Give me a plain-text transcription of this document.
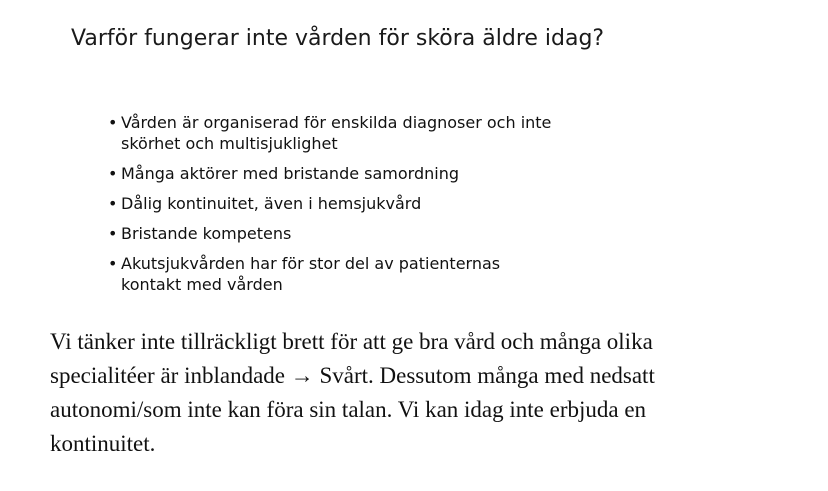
Varför fungerar inte vården för sköra äldre idag?
• Vården är organiserad för enskilda diagnoser och inte
skörhet och multisjuklighet
• Många aktörer med bristande samordning
• Dålig kontinuitet, även i hemsjukvård
• Bristande kompetens
• Akutsjukvården har för stor del av patienternas
kontakt med vården

Vi tänker inte tillräckligt brett för att ge bra vård och många olika
specialitéer är inblandade → Svårt. Dessutom många med nedsatt
autonomi/som inte kan föra sin talan. Vi kan idag inte erbjuda en
kontinuitet.
